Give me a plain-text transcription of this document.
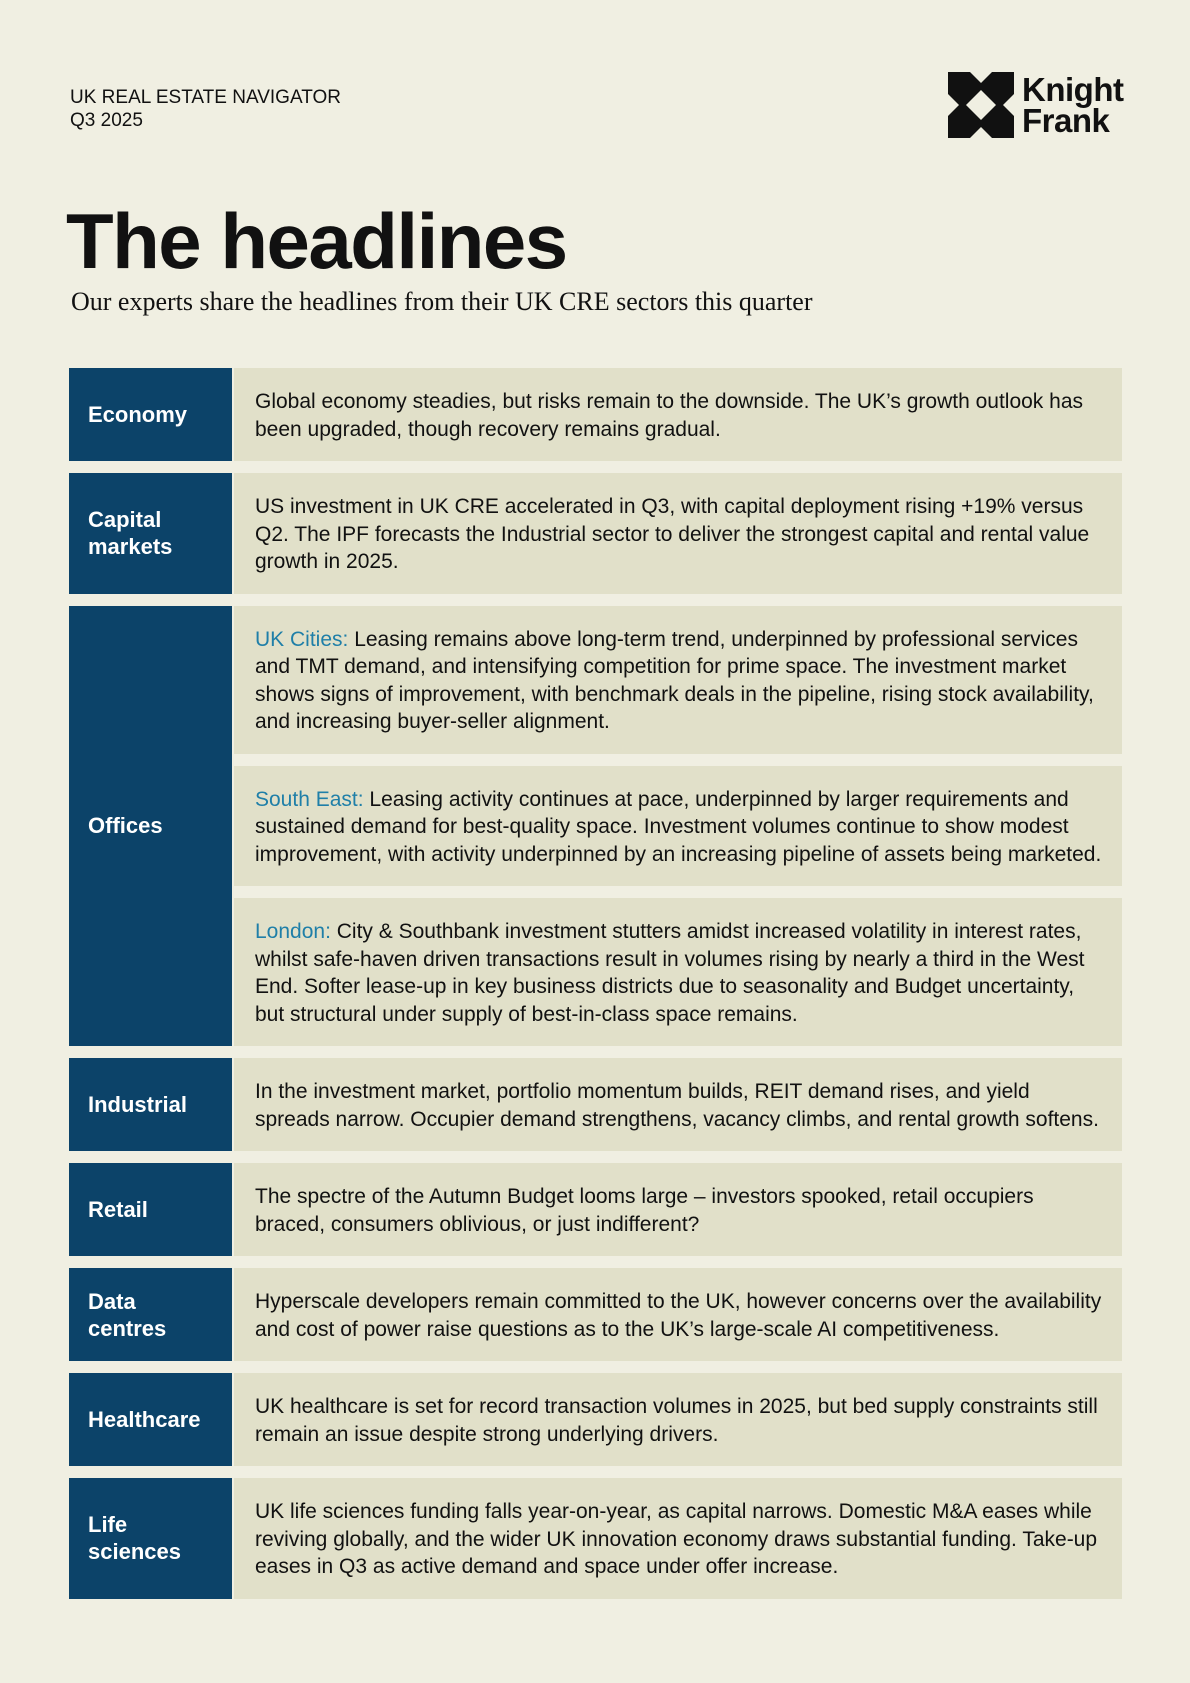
UK REAL ESTATE NAVIGATOR
Q3 2025
Knight
Frank
The headlines
Our experts share the headlines from their UK CRE sectors this quarter
Economy
Global economy steadies, but risks remain to the downside. The UK’s growth outlook has been upgraded, though recovery remains gradual.
Capital markets
US investment in UK CRE accelerated in Q3, with capital deployment rising +19% versus Q2. The IPF forecasts the Industrial sector to deliver the strongest capital and rental value growth in 2025.
Offices
UK Cities: Leasing remains above long-term trend, underpinned by professional services and TMT demand, and intensifying competition for prime space. The investment market shows signs of improvement, with benchmark deals in the pipeline, rising stock availability, and increasing buyer-seller alignment.
South East: Leasing activity continues at pace, underpinned by larger requirements and sustained demand for best-quality space. Investment volumes continue to show modest improvement, with activity underpinned by an increasing pipeline of assets being marketed.
London: City & Southbank investment stutters amidst increased volatility in interest rates, whilst safe-haven driven transactions result in volumes rising by nearly a third in the West End. Softer lease-up in key business districts due to seasonality and Budget uncertainty, but structural under supply of best-in-class space remains.
Industrial
In the investment market, portfolio momentum builds, REIT demand rises, and yield spreads narrow. Occupier demand strengthens, vacancy climbs, and rental growth softens.
Retail
The spectre of the Autumn Budget looms large – investors spooked, retail occupiers braced, consumers oblivious, or just indifferent?
Data centres
Hyperscale developers remain committed to the UK, however concerns over the availability and cost of power raise questions as to the UK’s large-scale AI competitiveness.
Healthcare
UK healthcare is set for record transaction volumes in 2025, but bed supply constraints still remain an issue despite strong underlying drivers.
Life sciences
UK life sciences funding falls year-on-year, as capital narrows. Domestic M&A eases while reviving globally, and the wider UK innovation economy draws substantial funding. Take-up eases in Q3 as active demand and space under offer increase.
